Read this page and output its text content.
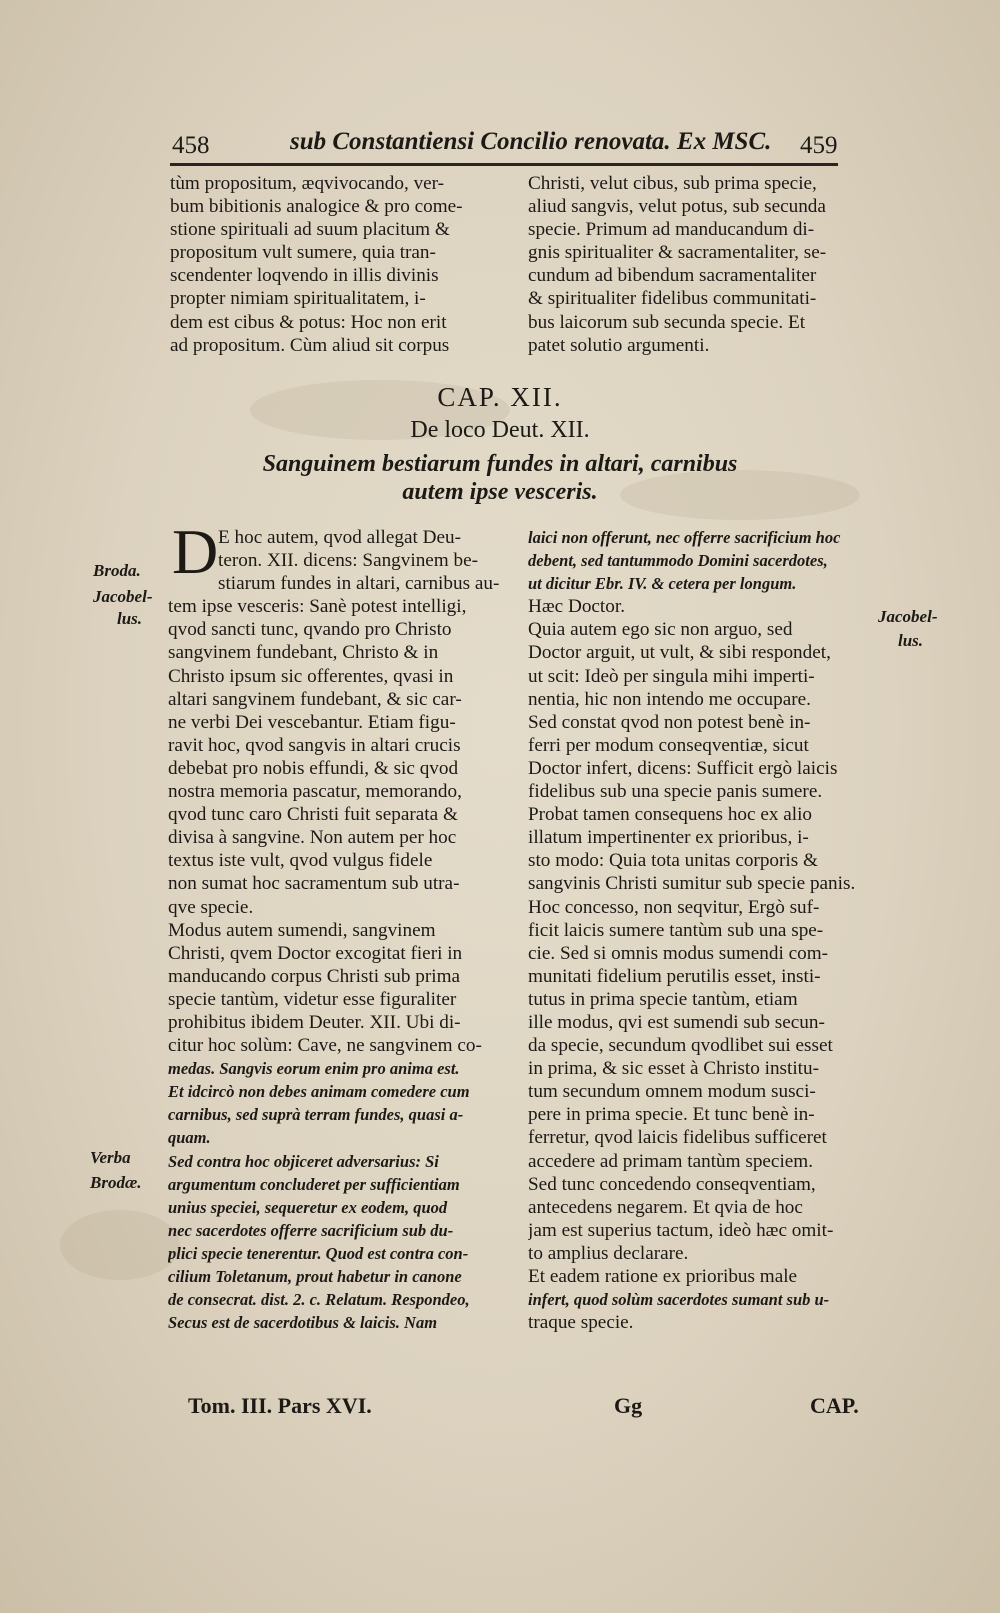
458	sub Constantiensi Concilio renovata. Ex MSC. 459
tùm propositum, æqvivocando, ver-
bum bibitionis analogice & pro come-
stione spirituali ad suum placitum &
propositum vult sumere, quia tran-
scendenter loqvendo in illis divinis
propter nimiam spiritualitatem, i-
dem est cibus & potus: Hoc non erit
ad propositum. Cùm aliud sit corpus
Christi, velut cibus, sub prima specie,
aliud sangvis, velut potus, sub secunda
specie. Primum ad manducandum di-
gnis spiritualiter & sacramentaliter, se-
cundum ad bibendum sacramentaliter
& spiritualiter fidelibus communitati-
bus laicorum sub secunda specie. Et
patet solutio argumenti.
CAP. XII.
De loco Deut. XII.
Sanguinem bestiarum fundes in altari, carnibus
autem ipse vesceris.
D E hoc autem, qvod allegat Deu-
teron. XII. dicens: Sangvinem be-
stiarum fundes in altari, carnibus au-
tem ipse vesceris: Sanè potest intelligi,
qvod sancti tunc, qvando pro Christo
sangvinem fundebant, Christo & in
Christo ipsum sic offerentes, qvasi in
altari sangvinem fundebant, & sic car-
ne verbi Dei vescebantur. Etiam figu-
ravit hoc, qvod sangvis in altari crucis
debebat pro nobis effundi, & sic qvod
nostra memoria pascatur, memorando,
qvod tunc caro Christi fuit separata &
divisa à sangvine. Non autem per hoc
textus iste vult, qvod vulgus fidele
non sumat hoc sacramentum sub utra-
qve specie.
Modus autem sumendi, sangvinem
Christi, qvem Doctor excogitat fieri in
manducando corpus Christi sub prima
specie tantùm, videtur esse figuraliter
prohibitus ibidem Deuter. XII. Ubi di-
citur hoc solùm: Cave, ne sangvinem co-
medas. Sangvis eorum enim pro anima est.
Et idcircò non debes animam comedere cum
carnibus, sed suprà terram fundes, quasi a-
quam.
Sed contra hoc objiceret adversarius: Si
argumentum concluderet per sufficientiam
unius speciei, sequeretur ex eodem, quod
nec sacerdotes offerre sacrificium sub du-
plici specie tenerentur. Quod est contra con-
cilium Toletanum, prout habetur in canone
de consecrat. dist. 2. c. Relatum. Respondeo,
Secus est de sacerdotibus & laicis. Nam
laici non offerunt, nec offerre sacrificium hoc
debent, sed tantummodo Domini sacerdotes,
ut dicitur Ebr. IV. & cetera per longum.
Hæc Doctor.
Quia autem ego sic non arguo, sed
Doctor arguit, ut vult, & sibi respondet,
ut scit: Ideò per singula mihi imperti-
nentia, hic non intendo me occupare.
Sed constat qvod non potest benè in-
ferri per modum conseqventiæ, sicut
Doctor infert, dicens: Sufficit ergò laicis
fidelibus sub una specie panis sumere.
Probat tamen consequens hoc ex alio
illatum impertinenter ex prioribus, i-
sto modo: Quia tota unitas corporis &
sangvinis Christi sumitur sub specie panis.
Hoc concesso, non seqvitur, Ergò suf-
ficit laicis sumere tantùm sub una spe-
cie. Sed si omnis modus sumendi com-
munitati fidelium perutilis esset, insti-
tutus in prima specie tantùm, etiam
ille modus, qvi est sumendi sub secun-
da specie, secundum qvodlibet sui esset
in prima, & sic esset à Christo institu-
tum secundum omnem modum susci-
pere in prima specie. Et tunc benè in-
ferretur, qvod laicis fidelibus sufficeret
accedere ad primam tantùm speciem.
Sed tunc concedendo conseqventiam,
antecedens negarem. Et qvia de hoc
jam est superius tactum, ideò hæc omit-
to amplius declarare.
Et eadem ratione ex prioribus male
infert, quod solùm sacerdotes sumant sub u-
traque specie.
Broda.
Jacobel-
lus.
Verba
Brodæ.
Jacobel-
lus.
Tom. III. Pars XVI.	Gg	CAP.
